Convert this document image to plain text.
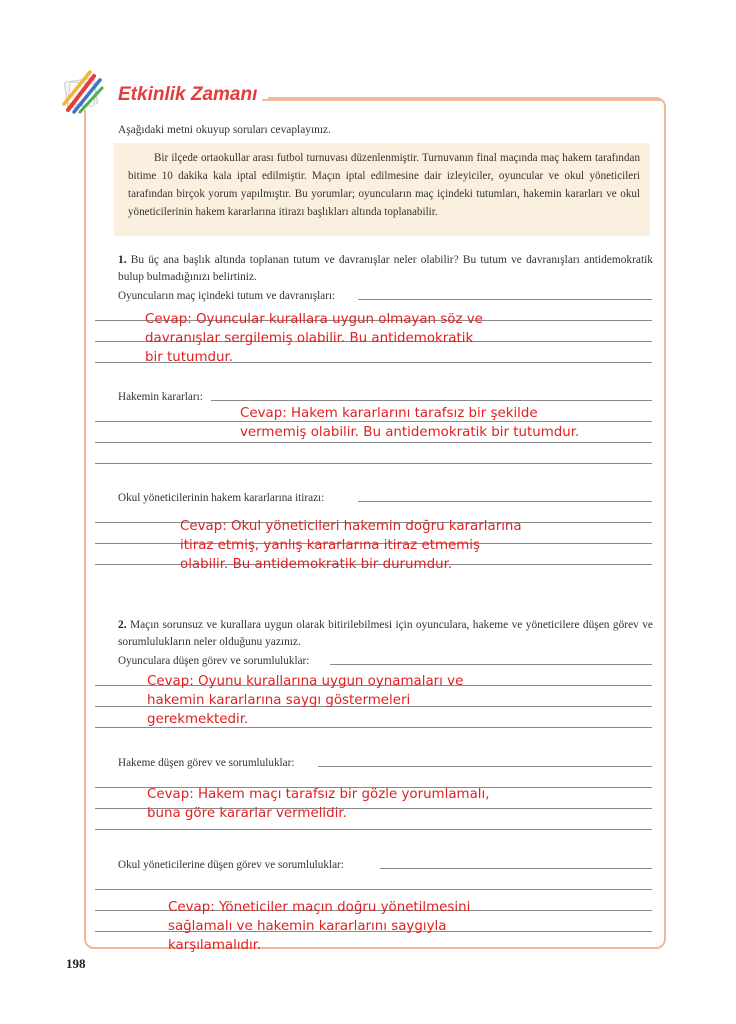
Etkinlik Zamanı
Aşağıdaki metni okuyup soruları cevaplayınız.

Bir ilçede ortaokullar arası futbol turnuvası düzenlenmiştir. Turnuvanın final maçında maç hakem tarafından bitime 10 dakika kala iptal edilmiştir. Maçın iptal edilmesine dair izleyiciler, oyuncular ve okul yöneticileri tarafından birçok yorum yapılmıştır. Bu yorumlar; oyuncuların maç içindeki tutumları, hakemin kararları ve okul yöneticilerinin hakem kararlarına itirazı başlıkları altında toplanabilir.

1. Bu üç ana başlık altında toplanan tutum ve davranışlar neler olabilir? Bu tutum ve davranışları antidemokratik bulup bulmadığınızı belirtiniz.
Oyuncuların maç içindeki tutum ve davranışları:
Cevap: Oyuncular kurallara uygun olmayan söz ve
davranışlar sergilemiş olabilir. Bu antidemokratik
bir tutumdur.
Hakemin kararları:
Cevap: Hakem kararlarını tarafsız bir şekilde
vermemiş olabilir. Bu antidemokratik bir tutumdur.
Okul yöneticilerinin hakem kararlarına itirazı:
Cevap: Okul yöneticileri hakemin doğru kararlarına
itiraz etmiş, yanlış kararlarına itiraz etmemiş
olabilir. Bu antidemokratik bir durumdur.
2. Maçın sorunsuz ve kurallara uygun olarak bitirilebilmesi için oyunculara, hakeme ve yöneticilere düşen görev ve sorumlulukların neler olduğunu yazınız.
Oyunculara düşen görev ve sorumluluklar:
Cevap: Oyunu kurallarına uygun oynamaları ve
hakemin kararlarına saygı göstermeleri
gerekmektedir.
Hakeme düşen görev ve sorumluluklar:
Cevap: Hakem maçı tarafsız bir gözle yorumlamalı,
buna göre kararlar vermelidir.
Okul yöneticilerine düşen görev ve sorumluluklar:
Cevap: Yöneticiler maçın doğru yönetilmesini
sağlamalı ve hakemin kararlarını saygıyla
karşılamalıdır.
198
